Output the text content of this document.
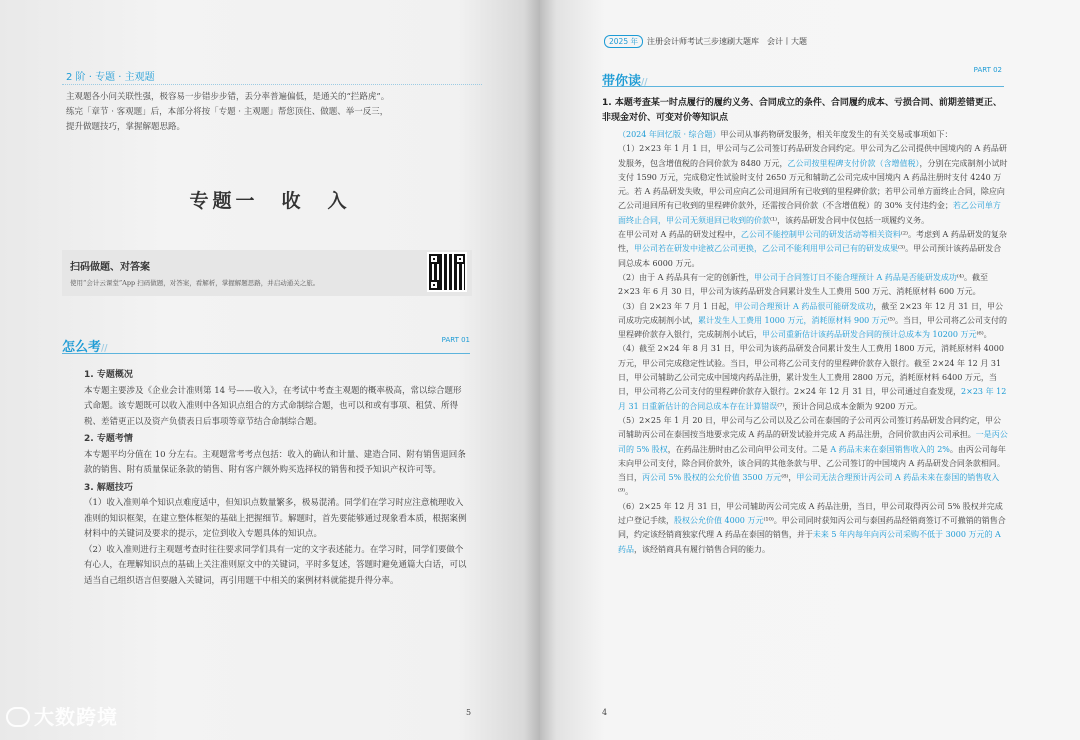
2 阶 · 专题 · 主观题

主观题各小问关联性强，极容易一步错步步错，丢分率普遍偏低，是通关的“拦路虎”。

练完「章节 · 客观题」后，本部分将按「专题 · 主观题」帮您顶住、做题、举一反三，

提升做题技巧，掌握解题思路。

专题一　收　入
扫码做题、对答案
使用“会计云课堂”App 扫码做题，对答案，看解析，掌握解题思路，并启动通关之旅。
怎么考//
PART 01
1. 专题概况

本专题主要涉及《企业会计准则第 14 号——收入》，在考试中考查主观题的概率极高，常以综合题形式命题。该专题既可以收入准则中各知识点组合的方式命制综合题，也可以和或有事项、租赁、所得税、差错更正以及资产负债表日后事项等章节结合命制综合题。

2. 专题考情

本专题平均分值在 10 分左右。主观题常考考点包括：收入的确认和计量、建造合同、附有销售退回条款的销售、附有质量保证条款的销售、附有客户额外购买选择权的销售和授予知识产权许可等。

3. 解题技巧

（1）收入准则单个知识点难度适中，但知识点数量繁多，极易混淆。同学们在学习时应注意梳理收入准则的知识框架，在建立整体框架的基础上把握细节。解题时，首先要能够通过现象看本质，根据案例材料中的关键词及要求的提示，定位到收入专题具体的知识点。

（2）收入准则进行主观题考查时往往要求同学们具有一定的文字表述能力。在学习时，同学们要做个有心人，在理解知识点的基础上关注准则原文中的关键词，平时多复述，答题时避免通篇大白话，可以适当自己组织语言但要融入关键词，再引用题干中相关的案例材料就能提升得分率。

5
2025 年 注册会计师考试三步速刷大题库　会计丨大题
带你读//
PART 02
1. 本题考查某一时点履行的履约义务、合同成立的条件、合同履约成本、亏损合同、前期差错更正、非现金对价、可变对价等知识点

（2024 年回忆版 · 综合题）甲公司从事药物研发服务，相关年度发生的有关交易或事项如下：

（1）2×23 年 1 月 1 日，甲公司与乙公司签订药品研发合同约定。甲公司为乙公司提供中国境内的 A 药品研发服务，包含增值税的合同价款为 8480 万元，乙公司按里程碑支付价款（含增值税），分别在完成制剂小试时支付 1590 万元，完成稳定性试验时支付 2650 万元和辅助乙公司完成中国境内 A 药品注册时支付 4240 万元。若 A 药品研发失败，甲公司应向乙公司退回所有已收到的里程碑价款；若甲公司单方面终止合同，除应向乙公司退回所有已收到的里程碑价款外，还需按合同价款（不含增值税）的 30% 支付违约金；若乙公司单方面终止合同，甲公司无须退回已收到的价款⁽¹⁾，该药品研发合同中仅包括一项履约义务。

在甲公司对 A 药品的研发过程中，乙公司不能控制甲公司的研发活动等相关资料⁽²⁾。考虑到 A 药品研发的复杂性，甲公司若在研发中途被乙公司更换，乙公司不能利用甲公司已有的研发成果⁽³⁾。甲公司预计该药品研发合同总成本 6000 万元。

（2）由于 A 药品具有一定的创新性，甲公司于合同签订日不能合理预计 A 药品是否能研发成功⁽⁴⁾。截至 2×23 年 6 月 30 日，甲公司为该药品研发合同累计发生人工费用 500 万元、消耗原材料 600 万元。

（3）自 2×23 年 7 月 1 日起，甲公司合理预计 A 药品很可能研发成功，截至 2×23 年 12 月 31 日，甲公司成功完成制剂小试，累计发生人工费用 1000 万元，消耗原材料 900 万元⁽⁵⁾。当日，甲公司将乙公司支付的里程碑价款存入银行，完成制剂小试后，甲公司重新估计该药品研发合同的预计总成本为 10200 万元⁽⁶⁾。

（4）截至 2×24 年 8 月 31 日，甲公司为该药品研发合同累计发生人工费用 1800 万元，消耗原材料 4000 万元，甲公司完成稳定性试验。当日，甲公司将乙公司支付的里程碑价款存入银行。截至 2×24 年 12 月 31 日，甲公司辅助乙公司完成中国境内药品注册，累计发生人工费用 2800 万元，消耗原材料 6400 万元，当日，甲公司将乙公司支付的里程碑价款存入银行。2×24 年 12 月 31 日，甲公司通过自查发现，2×23 年 12 月 31 日重新估计的合同总成本存在计算错误⁽⁷⁾，预计合同总成本金额为 9200 万元。

（5）2×25 年 1 月 20 日，甲公司与乙公司以及乙公司在泰国的子公司丙公司签订药品研发合同约定，甲公司辅助丙公司在泰国按当地要求完成 A 药品的研发试验并完成 A 药品注册，合同价款由丙公司承担。一是丙公司的 5% 股权，在药品注册时由乙公司向甲公司支付。二是 A 药品未来在泰国销售收入的 2%。由丙公司每年末向甲公司支付，除合同价款外，该合同的其他条款与甲、乙公司签订的中国境内 A 药品研发合同条款相同。当日，丙公司 5% 股权的公允价值 3500 万元⁽⁸⁾，甲公司无法合理预计丙公司 A 药品未来在泰国的销售收入⁽⁹⁾。

（6）2×25 年 12 月 31 日，甲公司辅助丙公司完成 A 药品注册，当日，甲公司取得丙公司 5% 股权并完成过户登记手续，股权公允价值 4000 万元⁽¹⁰⁾。甲公司同时获知丙公司与泰国药品经销商签订不可撤销的销售合同，约定该经销商独家代理 A 药品在泰国的销售，并于未来 5 年内每年向丙公司采购不低于 3000 万元的 A 药品，该经销商具有履行销售合同的能力。

4
大数跨境
